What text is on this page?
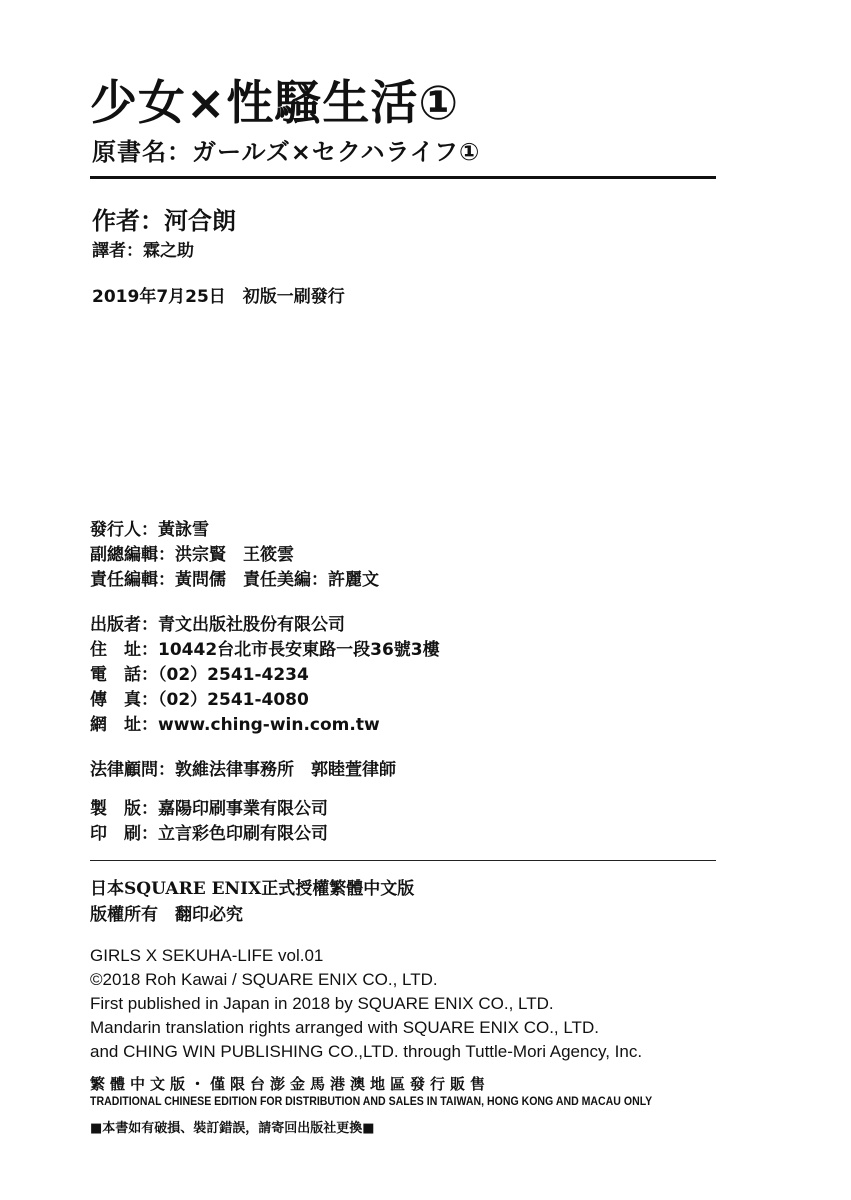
少女×性騷生活①
原書名：ガールズ×セクハライフ①
作者：河合朗
譯者：霖之助
2019年7月25日　初版一刷發行
發行人：黃詠雪
副總編輯：洪宗賢　王筱雲
責任編輯：黃問儒　責任美編：許麗文
出版者：青文出版社股份有限公司
住　址：10442台北市長安東路一段36號3樓
電　話：（02）2541-4234
傳　真：（02）2541-4080
網　址：www.ching-win.com.tw
法律顧問：敦維法律事務所　郭睦萱律師
製　版：嘉陽印刷事業有限公司
印　刷：立言彩色印刷有限公司
日本SQUARE ENIX正式授權繁體中文版
版權所有　翻印必究
GIRLS X SEKUHA-LIFE vol.01
©2018 Roh Kawai / SQUARE ENIX CO., LTD.
First published in Japan in 2018 by SQUARE ENIX CO., LTD.
Mandarin translation rights arranged with SQUARE ENIX CO., LTD.
and CHING WIN PUBLISHING CO.,LTD. through Tuttle-Mori Agency, Inc.
繁體中文版・僅限台澎金馬港澳地區發行販售
TRADITIONAL CHINESE EDITION FOR DISTRIBUTION AND SALES IN TAIWAN, HONG KONG AND MACAU ONLY
■本書如有破損、裝訂錯誤，請寄回出版社更換■
